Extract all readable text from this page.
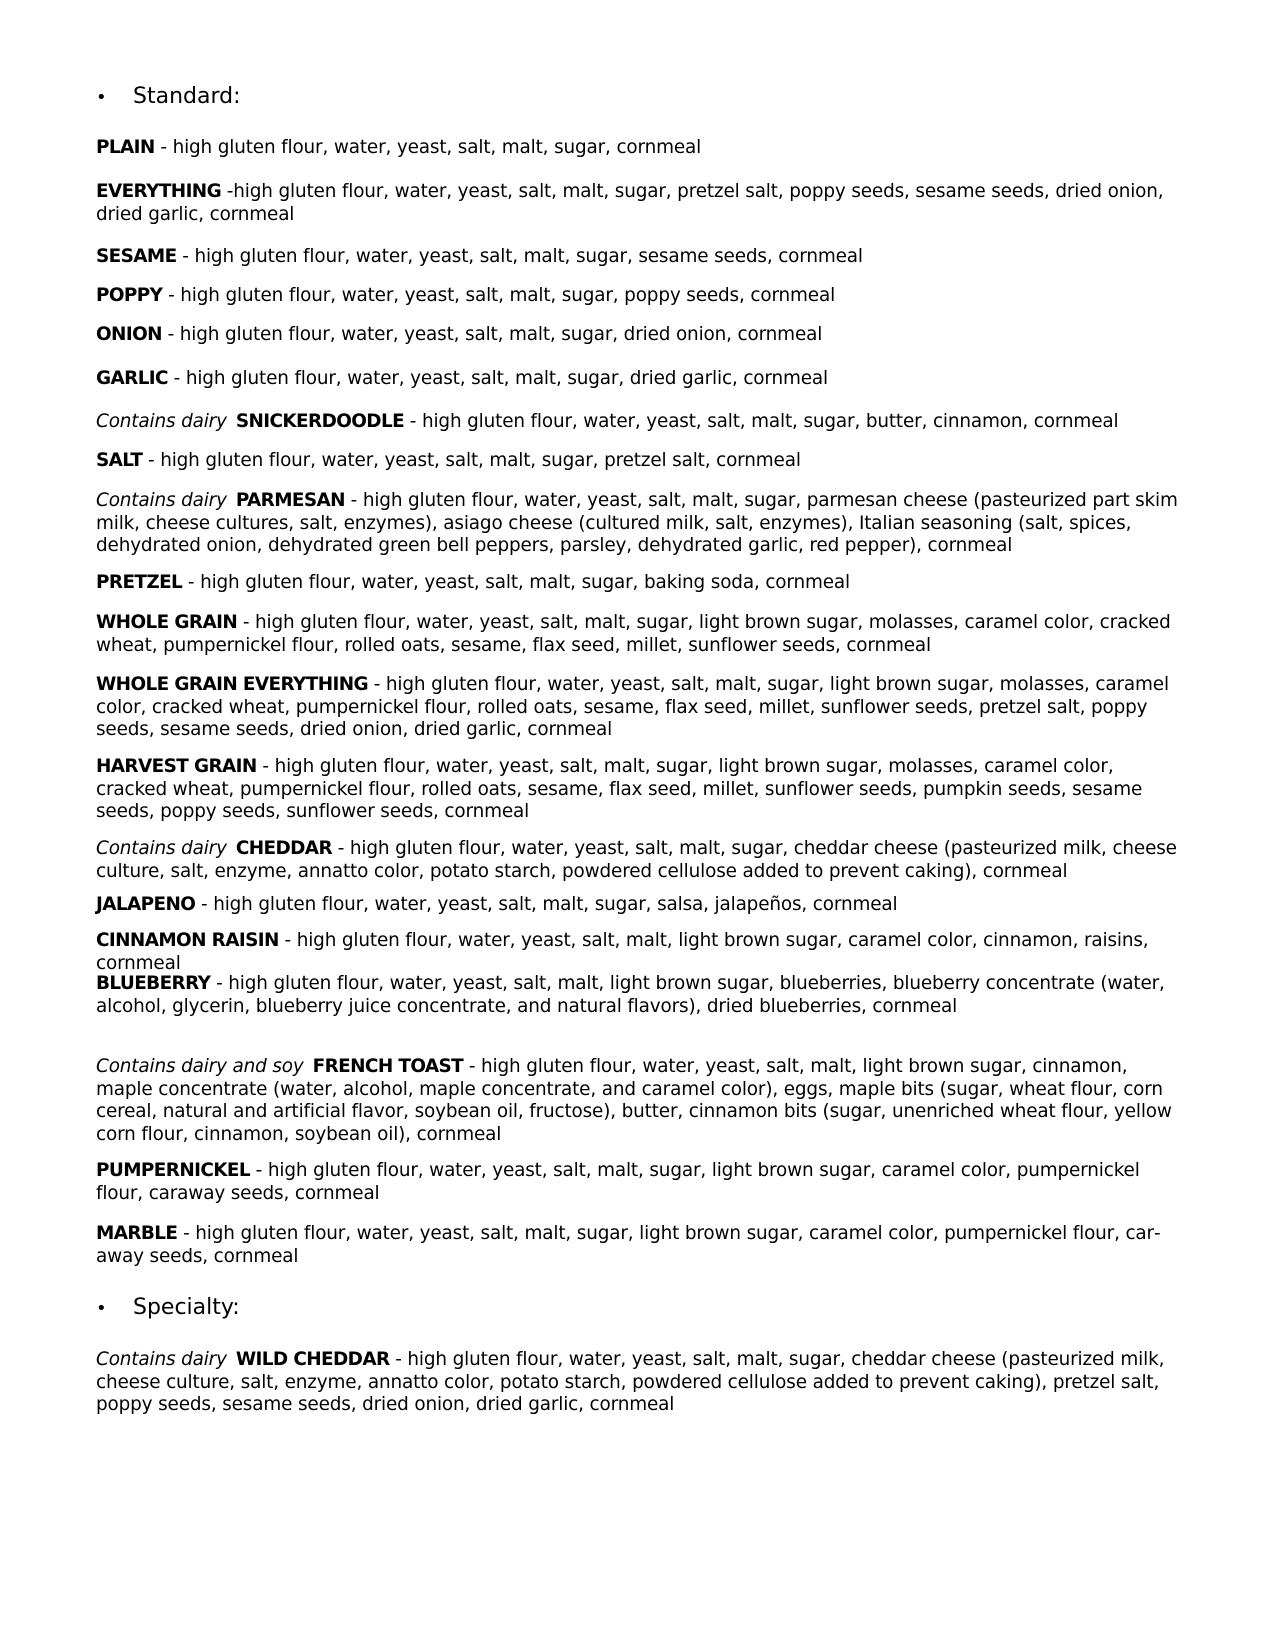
• Standard:
PLAIN - high gluten flour, water, yeast, salt, malt, sugar, cornmeal
EVERYTHING -high gluten flour, water, yeast, salt, malt, sugar, pretzel salt, poppy seeds, sesame seeds, dried onion, dried garlic, cornmeal
SESAME - high gluten flour, water, yeast, salt, malt, sugar, sesame seeds, cornmeal
POPPY - high gluten flour, water, yeast, salt, malt, sugar, poppy seeds, cornmeal
ONION - high gluten flour, water, yeast, salt, malt, sugar, dried onion, cornmeal
GARLIC - high gluten flour, water, yeast, salt, malt, sugar, dried garlic, cornmeal
Contains dairy SNICKERDOODLE - high gluten flour, water, yeast, salt, malt, sugar, butter, cinnamon, cornmeal
SALT - high gluten flour, water, yeast, salt, malt, sugar, pretzel salt, cornmeal
Contains dairy PARMESAN - high gluten flour, water, yeast, salt, malt, sugar, parmesan cheese (pasteurized part skim milk, cheese cultures, salt, enzymes), asiago cheese (cultured milk, salt, enzymes), Italian seasoning (salt, spices, dehydrated onion, dehydrated green bell peppers, parsley, dehydrated garlic, red pepper), cornmeal
PRETZEL - high gluten flour, water, yeast, salt, malt, sugar, baking soda, cornmeal
WHOLE GRAIN - high gluten flour, water, yeast, salt, malt, sugar, light brown sugar, molasses, caramel color, cracked wheat, pumpernickel flour, rolled oats, sesame, flax seed, millet, sunflower seeds, cornmeal
WHOLE GRAIN EVERYTHING - high gluten flour, water, yeast, salt, malt, sugar, light brown sugar, molasses, caramel color, cracked wheat, pumpernickel flour, rolled oats, sesame, flax seed, millet, sunflower seeds, pretzel salt, poppy seeds, sesame seeds, dried onion, dried garlic, cornmeal
HARVEST GRAIN - high gluten flour, water, yeast, salt, malt, sugar, light brown sugar, molasses, caramel color, cracked wheat, pumpernickel flour, rolled oats, sesame, flax seed, millet, sunflower seeds, pumpkin seeds, sesame seeds, poppy seeds, sunflower seeds, cornmeal
Contains dairy CHEDDAR - high gluten flour, water, yeast, salt, malt, sugar, cheddar cheese (pasteurized milk, cheese culture, salt, enzyme, annatto color, potato starch, powdered cellulose added to prevent caking), cornmeal
JALAPENO - high gluten flour, water, yeast, salt, malt, sugar, salsa, jalapeños, cornmeal
CINNAMON RAISIN - high gluten flour, water, yeast, salt, malt, light brown sugar, caramel color, cinnamon, raisins, cornmeal
BLUEBERRY - high gluten flour, water, yeast, salt, malt, light brown sugar, blueberries, blueberry concentrate (water, alcohol, glycerin, blueberry juice concentrate, and natural flavors), dried blueberries, cornmeal
Contains dairy and soy FRENCH TOAST - high gluten flour, water, yeast, salt, malt, light brown sugar, cinnamon, maple concentrate (water, alcohol, maple concentrate, and caramel color), eggs, maple bits (sugar, wheat flour, corn cereal, natural and artificial flavor, soybean oil, fructose), butter, cinnamon bits (sugar, unenriched wheat flour, yellow corn flour, cinnamon, soybean oil), cornmeal
PUMPERNICKEL - high gluten flour, water, yeast, salt, malt, sugar, light brown sugar, caramel color, pumpernickel flour, caraway seeds, cornmeal
MARBLE - high gluten flour, water, yeast, salt, malt, sugar, light brown sugar, caramel color, pumpernickel flour, caraway seeds, cornmeal
• Specialty:
Contains dairy WILD CHEDDAR - high gluten flour, water, yeast, salt, malt, sugar, cheddar cheese (pasteurized milk, cheese culture, salt, enzyme, annatto color, potato starch, powdered cellulose added to prevent caking), pretzel salt, poppy seeds, sesame seeds, dried onion, dried garlic, cornmeal
